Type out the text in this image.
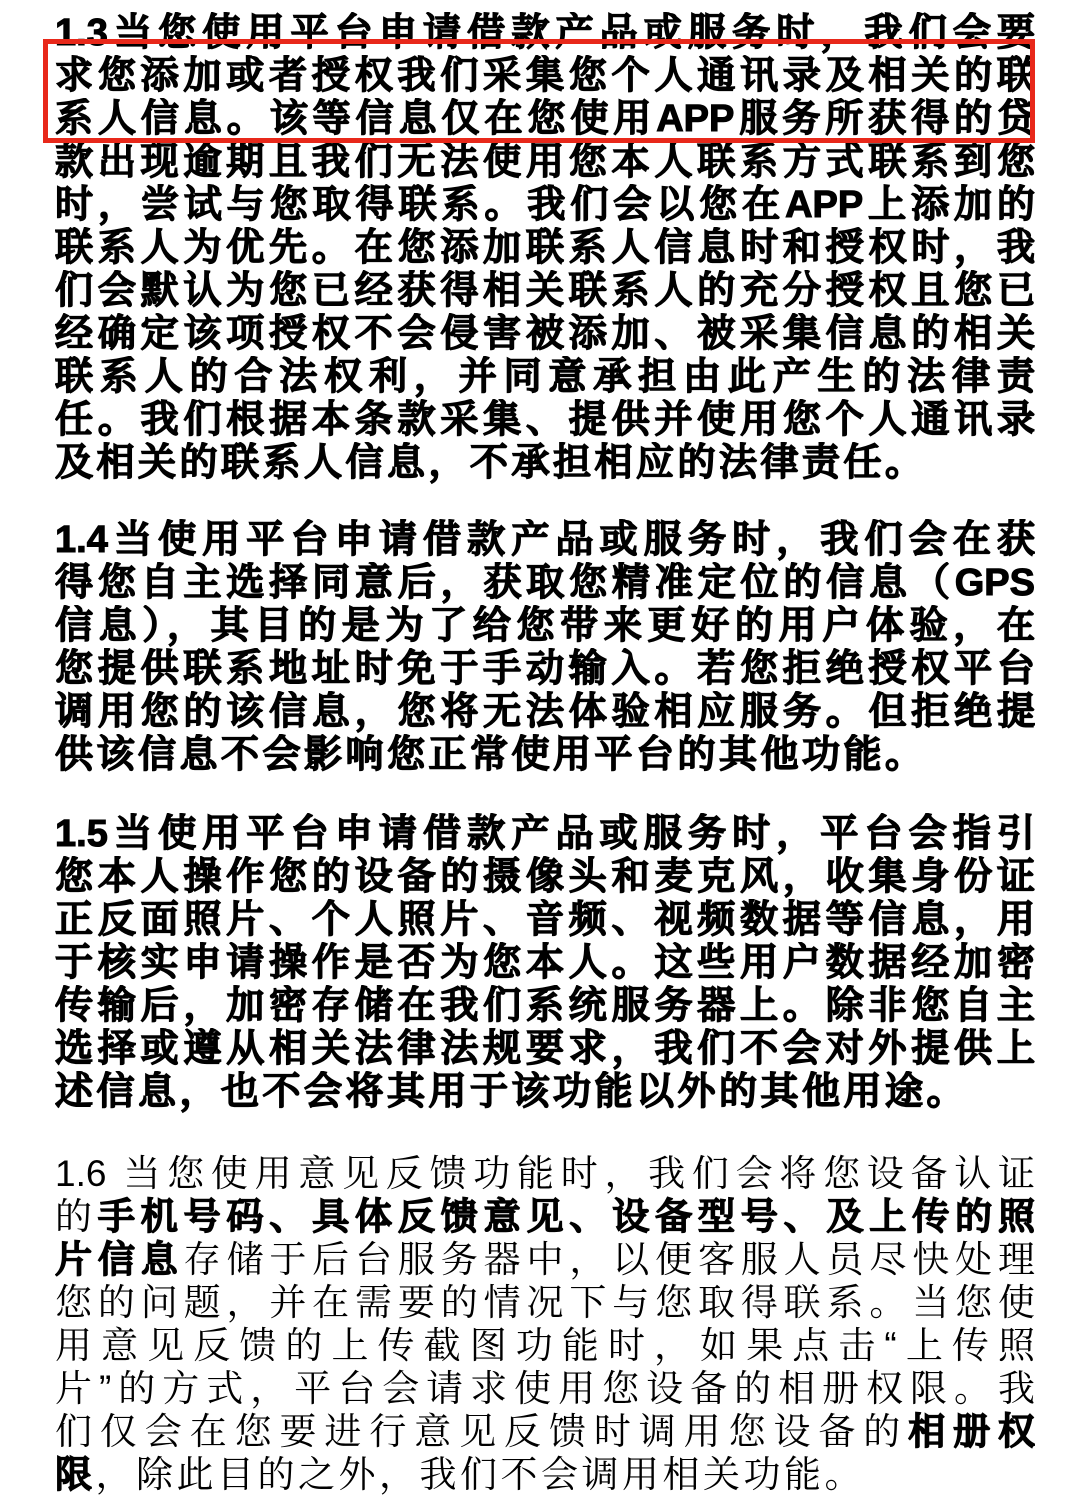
1.3当您使用平台申请借款产品或服务时，我们会要
求您添加或者授权我们采集您个人通讯录及相关的联
系人信息。该等信息仅在您使用APP服务所获得的贷
款出现逾期且我们无法使用您本人联系方式联系到您
时，尝试与您取得联系。我们会以您在APP上添加的
联系人为优先。在您添加联系人信息时和授权时，我
们会默认为您已经获得相关联系人的充分授权且您已
经确定该项授权不会侵害被添加、被采集信息的相关
联系人的合法权利，并同意承担由此产生的法律责
任。我们根据本条款采集、提供并使用您个人通讯录
及相关的联系人信息，不承担相应的法律责任。
1.4当使用平台申请借款产品或服务时，我们会在获
得您自主选择同意后，获取您精准定位的信息（GPS
信息），其目的是为了给您带来更好的用户体验，在
您提供联系地址时免于手动输入。若您拒绝授权平台
调用您的该信息，您将无法体验相应服务。但拒绝提
供该信息不会影响您正常使用平台的其他功能。
1.5当使用平台申请借款产品或服务时，平台会指引
您本人操作您的设备的摄像头和麦克风，收集身份证
正反面照片、个人照片、音频、视频数据等信息，用
于核实申请操作是否为您本人。这些用户数据经加密
传输后，加密存储在我们系统服务器上。除非您自主
选择或遵从相关法律法规要求，我们不会对外提供上
述信息，也不会将其用于该功能以外的其他用途。
1.6 当您使用意见反馈功能时，我们会将您设备认证
的手机号码、具体反馈意见、设备型号、及上传的照
片信息存储于后台服务器中，以便客服人员尽快处理
您的问题，并在需要的情况下与您取得联系。当您使
用意见反馈的上传截图功能时，如果点击“上传照
片”的方式，平台会请求使用您设备的相册权限。我
们仅会在您要进行意见反馈时调用您设备的相册权
限，除此目的之外，我们不会调用相关功能。
